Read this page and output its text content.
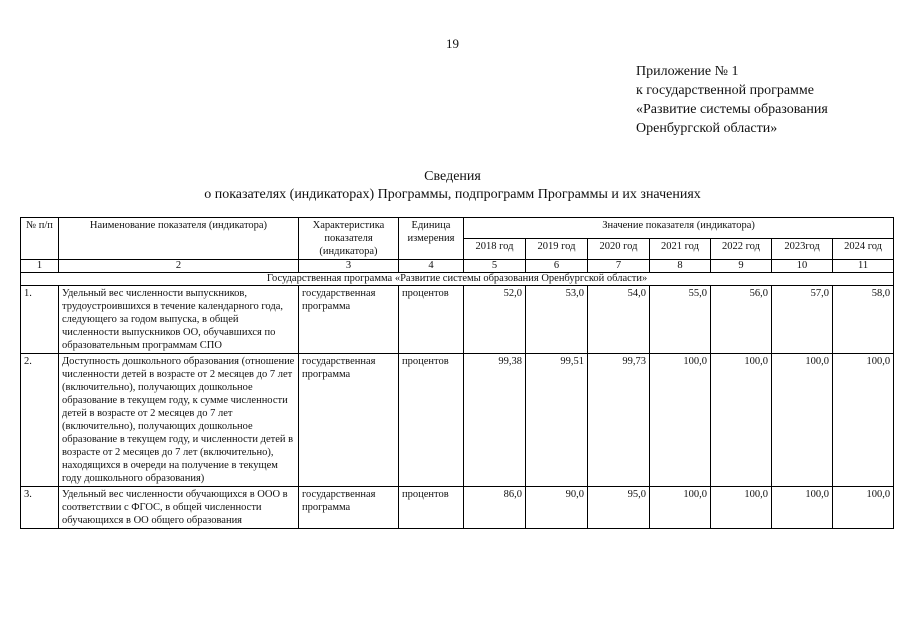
19
Приложение № 1
к государственной программе
«Развитие системы образования
Оренбургской области»
Сведения
о показателях (индикаторах) Программы, подпрограмм Программы и их значениях
№ п/п	Наименование показателя (индикатора)	Характеристика показателя (индикатора)	Единица измерения	Значение показателя (индикатора)						
				2018 год	2019 год	2020 год	2021 год	2022 год	2023год	2024 год
1	2	3	4	5	6	7	8	9	10	11
Государственная программа «Развитие системы образования Оренбургской области»										
1.	Удельный вес численности выпускников, трудоустроившихся в течение календарного года, следующего за годом выпуска, в общей численности выпускников ОО, обучавшихся по образовательным программам СПО	государственная программа	процентов	52,0	53,0	54,0	55,0	56,0	57,0	58,0
2.	Доступность дошкольного образования (отношение численности детей в возрасте от 2 месяцев до 7 лет (включительно), получающих дошкольное образование в текущем году, к сумме численности детей в возрасте от 2 месяцев до 7 лет (включительно), получающих дошкольное образование в текущем году, и численности детей в возрасте от 2 месяцев до 7 лет (включительно), находящихся в очереди на получение в текущем году дошкольного образования)	государственная программа	процентов	99,38	99,51	99,73	100,0	100,0	100,0	100,0
3.	Удельный вес численности обучающихся в ООО в соответствии с ФГОС, в общей численности обучающихся в ОО общего образования	государственная программа	процентов	86,0	90,0	95,0	100,0	100,0	100,0	100,0
